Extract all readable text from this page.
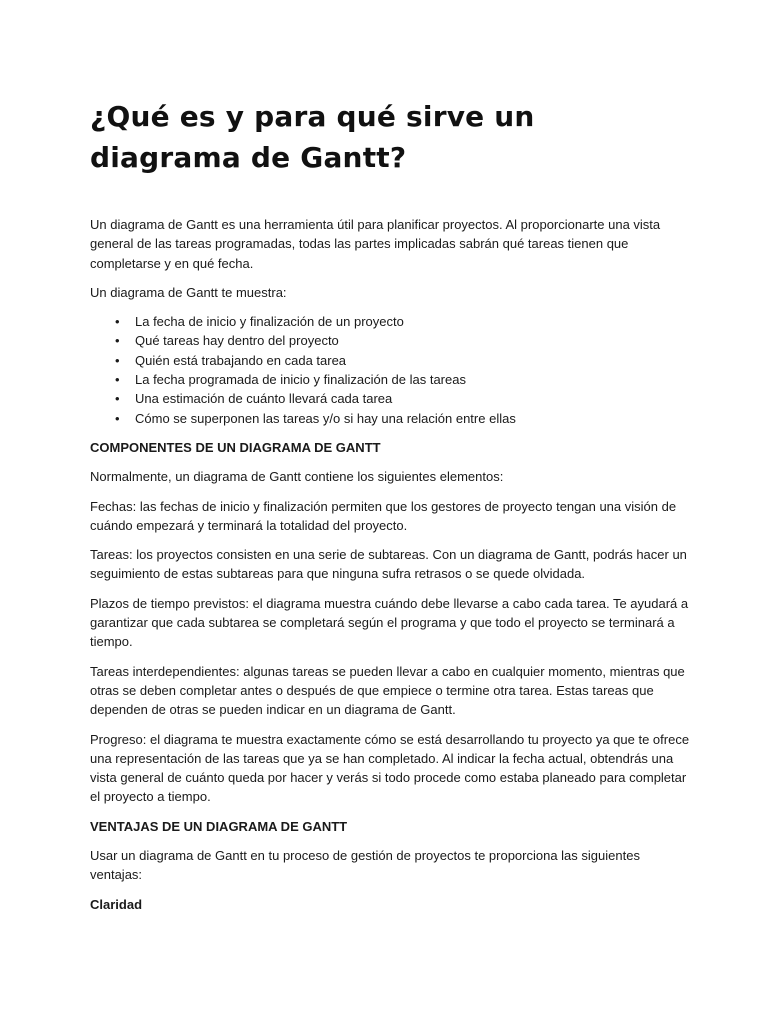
¿Qué es y para qué sirve un diagrama de Gantt?

Un diagrama de Gantt es una herramienta útil para planificar proyectos. Al proporcionarte una vista general de las tareas programadas, todas las partes implicadas sabrán qué tareas tienen que completarse y en qué fecha.

Un diagrama de Gantt te muestra:

• La fecha de inicio y finalización de un proyecto
• Qué tareas hay dentro del proyecto
• Quién está trabajando en cada tarea
• La fecha programada de inicio y finalización de las tareas
• Una estimación de cuánto llevará cada tarea
• Cómo se superponen las tareas y/o si hay una relación entre ellas

COMPONENTES DE UN DIAGRAMA DE GANTT

Normalmente, un diagrama de Gantt contiene los siguientes elementos:

Fechas: las fechas de inicio y finalización permiten que los gestores de proyecto tengan una visión de cuándo empezará y terminará la totalidad del proyecto.

Tareas: los proyectos consisten en una serie de subtareas. Con un diagrama de Gantt, podrás hacer un seguimiento de estas subtareas para que ninguna sufra retrasos o se quede olvidada.

Plazos de tiempo previstos: el diagrama muestra cuándo debe llevarse a cabo cada tarea. Te ayudará a garantizar que cada subtarea se completará según el programa y que todo el proyecto se terminará a tiempo.

Tareas interdependientes: algunas tareas se pueden llevar a cabo en cualquier momento, mientras que otras se deben completar antes o después de que empiece o termine otra tarea. Estas tareas que dependen de otras se pueden indicar en un diagrama de Gantt.

Progreso: el diagrama te muestra exactamente cómo se está desarrollando tu proyecto ya que te ofrece una representación de las tareas que ya se han completado. Al indicar la fecha actual, obtendrás una vista general de cuánto queda por hacer y verás si todo procede como estaba planeado para completar el proyecto a tiempo.

VENTAJAS DE UN DIAGRAMA DE GANTT

Usar un diagrama de Gantt en tu proceso de gestión de proyectos te proporciona las siguientes ventajas:

Claridad
